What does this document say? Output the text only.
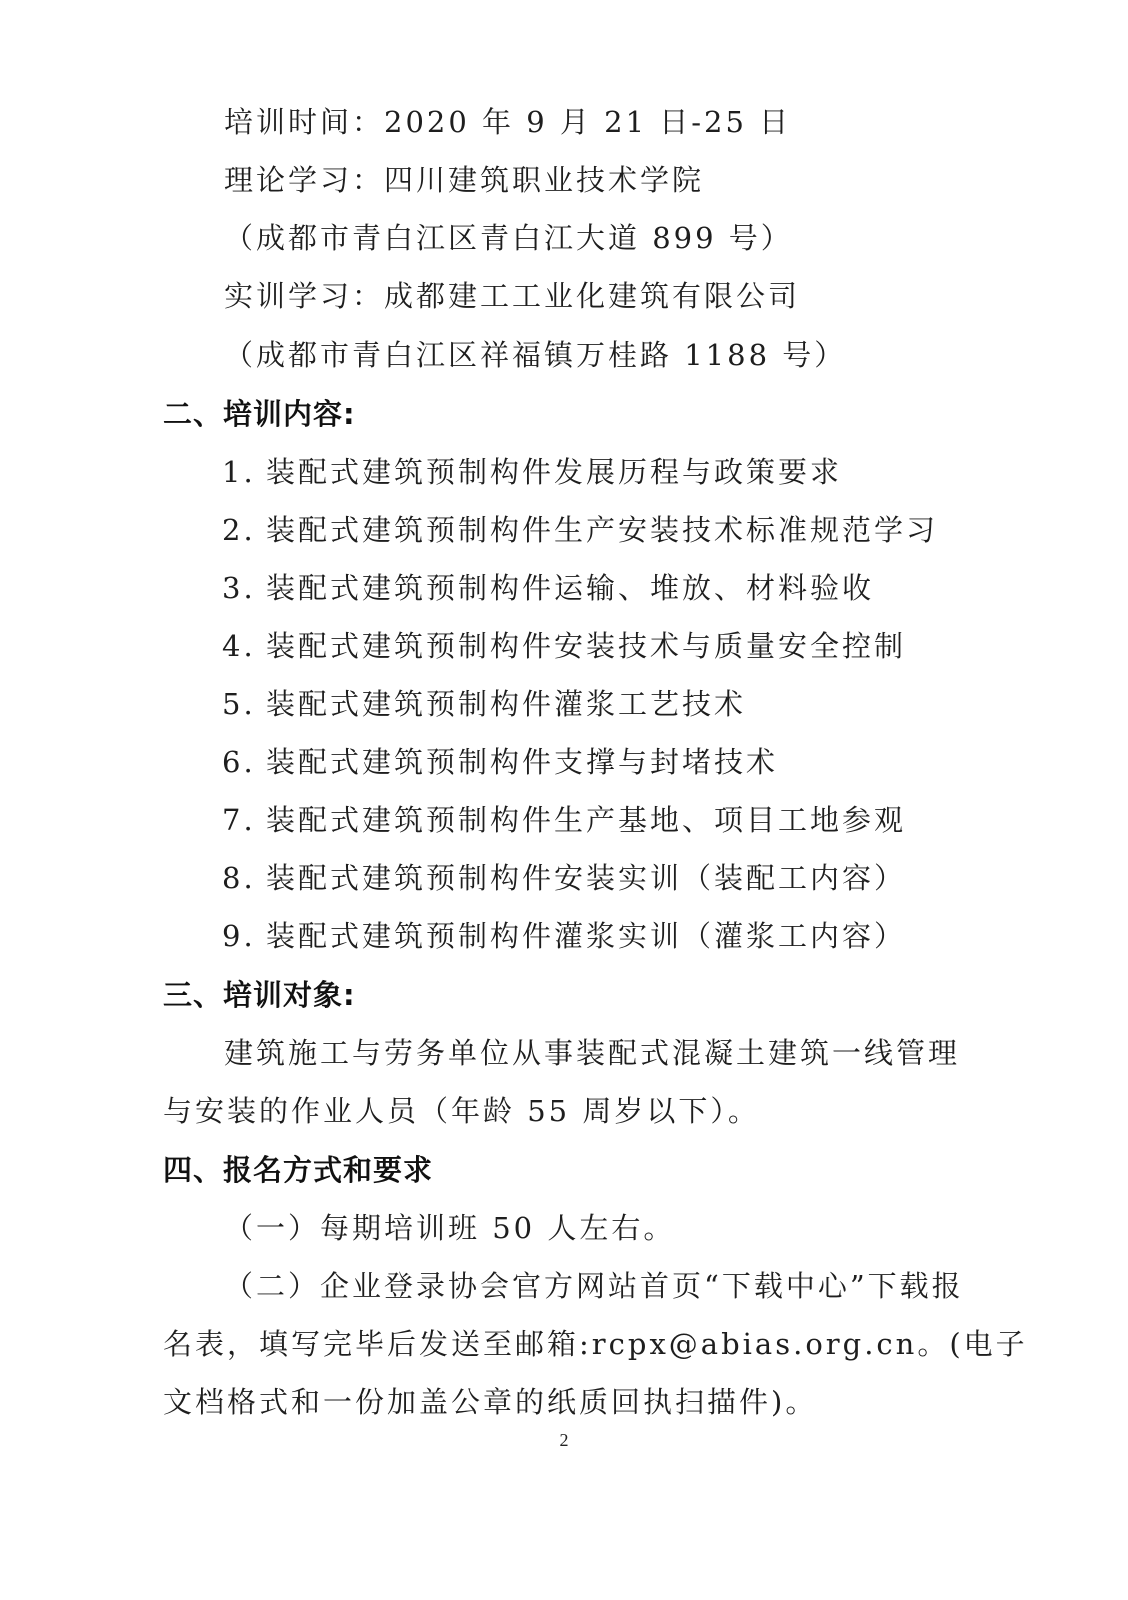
培训时间：2020 年 9 月 21 日-25 日
理论学习：四川建筑职业技术学院
（成都市青白江区青白江大道 899 号）
实训学习：成都建工工业化建筑有限公司
（成都市青白江区祥福镇万桂路 1188 号）
二、培训内容:
1. 装配式建筑预制构件发展历程与政策要求
2. 装配式建筑预制构件生产安装技术标准规范学习
3. 装配式建筑预制构件运输、堆放、材料验收
4. 装配式建筑预制构件安装技术与质量安全控制
5. 装配式建筑预制构件灌浆工艺技术
6. 装配式建筑预制构件支撑与封堵技术
7. 装配式建筑预制构件生产基地、项目工地参观
8. 装配式建筑预制构件安装实训（装配工内容）
9. 装配式建筑预制构件灌浆实训（灌浆工内容）
三、培训对象:
建筑施工与劳务单位从事装配式混凝土建筑一线管理
与安装的作业人员（年龄 55 周岁以下）。
四、报名方式和要求
（一）每期培训班 50 人左右。
（二）企业登录协会官方网站首页“下载中心”下载报
名表，填写完毕后发送至邮箱:rcpx@abias.org.cn。(电子
文档格式和一份加盖公章的纸质回执扫描件)。
2
